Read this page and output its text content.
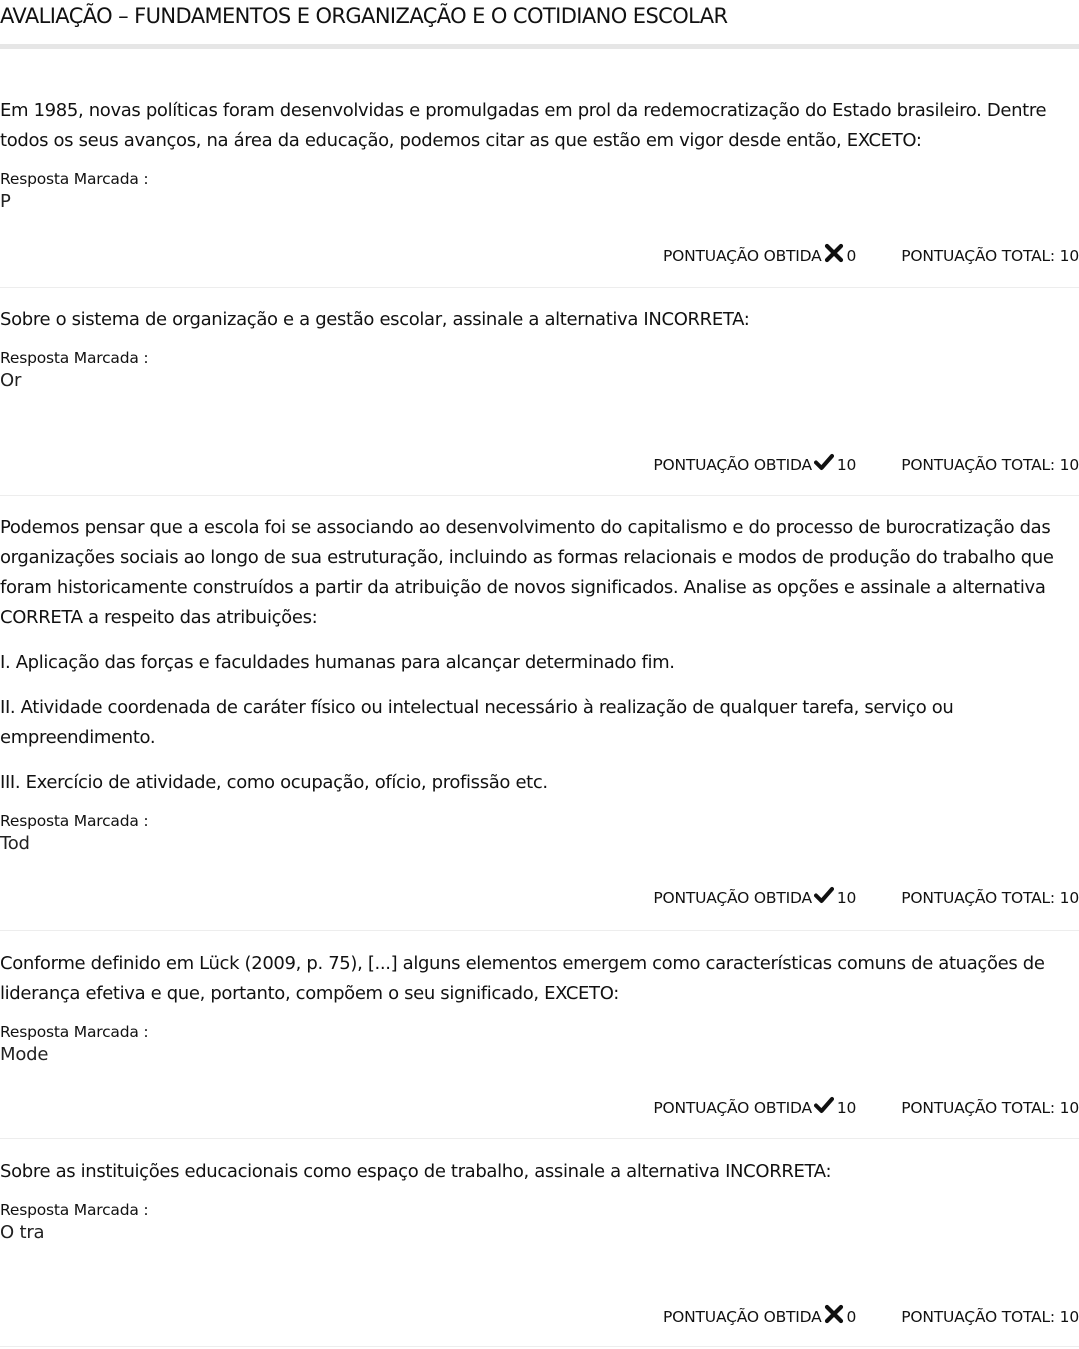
AVALIAÇÃO – FUNDAMENTOS E ORGANIZAÇÃO E O COTIDIANO ESCOLAR

Em 1985, novas políticas foram desenvolvidas e promulgadas em prol da redemocratização do Estado brasileiro. Dentre todos os seus avanços, na área da educação, podemos citar as que estão em vigor desde então, EXCETO:

Resposta Marcada :
P
PONTUAÇÃO OBTIDA 0	PONTUAÇÃO TOTAL: 10

Sobre o sistema de organização e a gestão escolar, assinale a alternativa INCORRETA:

Resposta Marcada :
Or
PONTUAÇÃO OBTIDA 10	PONTUAÇÃO TOTAL: 10

Podemos pensar que a escola foi se associando ao desenvolvimento do capitalismo e do processo de burocratização das organizações sociais ao longo de sua estruturação, incluindo as formas relacionais e modos de produção do trabalho que foram historicamente construídos a partir da atribuição de novos significados. Analise as opções e assinale a alternativa CORRETA a respeito das atribuições:

I. Aplicação das forças e faculdades humanas para alcançar determinado fim.

II. Atividade coordenada de caráter físico ou intelectual necessário à realização de qualquer tarefa, serviço ou empreendimento.

III. Exercício de atividade, como ocupação, ofício, profissão etc.

Resposta Marcada :
Tod
PONTUAÇÃO OBTIDA 10	PONTUAÇÃO TOTAL: 10

Conforme definido em Lück (2009, p. 75), [...] alguns elementos emergem como características comuns de atuações de liderança efetiva e que, portanto, compõem o seu significado, EXCETO:

Resposta Marcada :
Mode
PONTUAÇÃO OBTIDA 10	PONTUAÇÃO TOTAL: 10

Sobre as instituições educacionais como espaço de trabalho, assinale a alternativa INCORRETA:

Resposta Marcada :
O tra
PONTUAÇÃO OBTIDA 0	PONTUAÇÃO TOTAL: 10
